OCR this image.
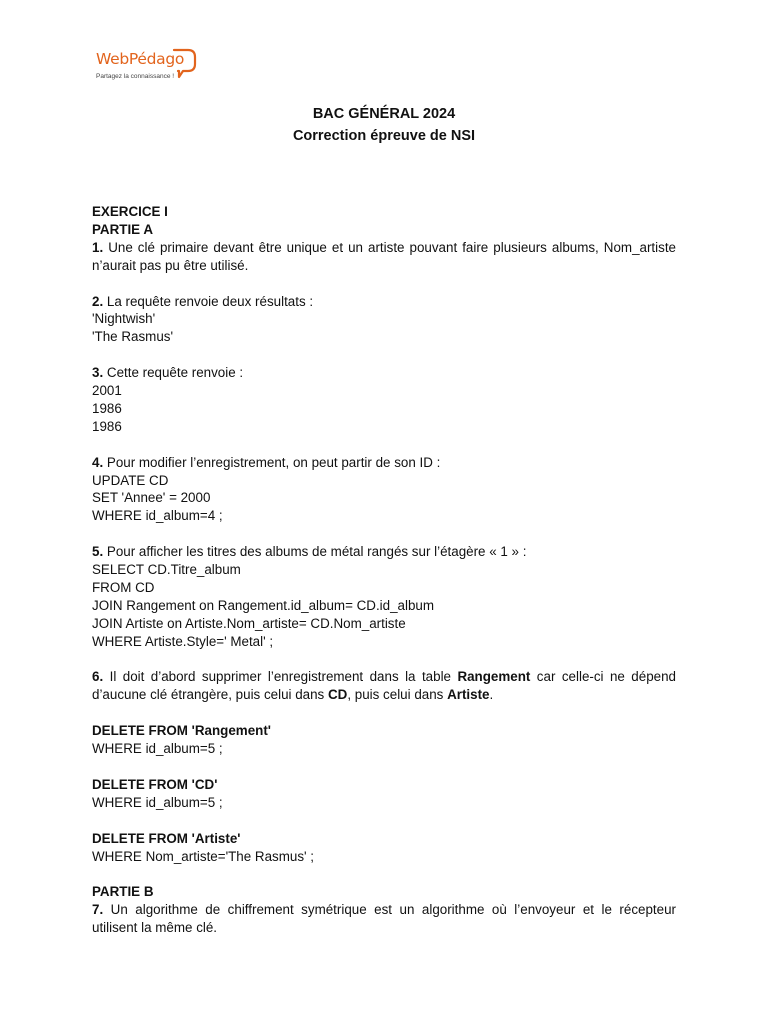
WebPédago
Partagez la connaissance !
BAC GÉNÉRAL 2024
Correction épreuve de NSI

EXERCICE I

PARTIE A

1. Une clé primaire devant être unique et un artiste pouvant faire plusieurs albums, Nom_artiste n’aurait pas pu être utilisé.

2. La requête renvoie deux résultats :

'Nightwish'

'The Rasmus'

3. Cette requête renvoie :

2001

1986

1986

4. Pour modifier l’enregistrement, on peut partir de son ID :

UPDATE CD

SET 'Annee' = 2000

WHERE id_album=4 ;

5. Pour afficher les titres des albums de métal rangés sur l’étagère « 1 » :

SELECT CD.Titre_album

FROM CD

JOIN Rangement on Rangement.id_album= CD.id_album

JOIN Artiste on Artiste.Nom_artiste= CD.Nom_artiste

WHERE Artiste.Style=' Metal' ;

6. Il doit d’abord supprimer l’enregistrement dans la table Rangement car celle-ci ne dépend d’aucune clé étrangère, puis celui dans CD, puis celui dans Artiste.

DELETE FROM 'Rangement'

WHERE id_album=5 ;

DELETE FROM 'CD'

WHERE id_album=5 ;

DELETE FROM 'Artiste'

WHERE Nom_artiste='The Rasmus' ;

PARTIE B

7. Un algorithme de chiffrement symétrique est un algorithme où l’envoyeur et le récepteur utilisent la même clé.
